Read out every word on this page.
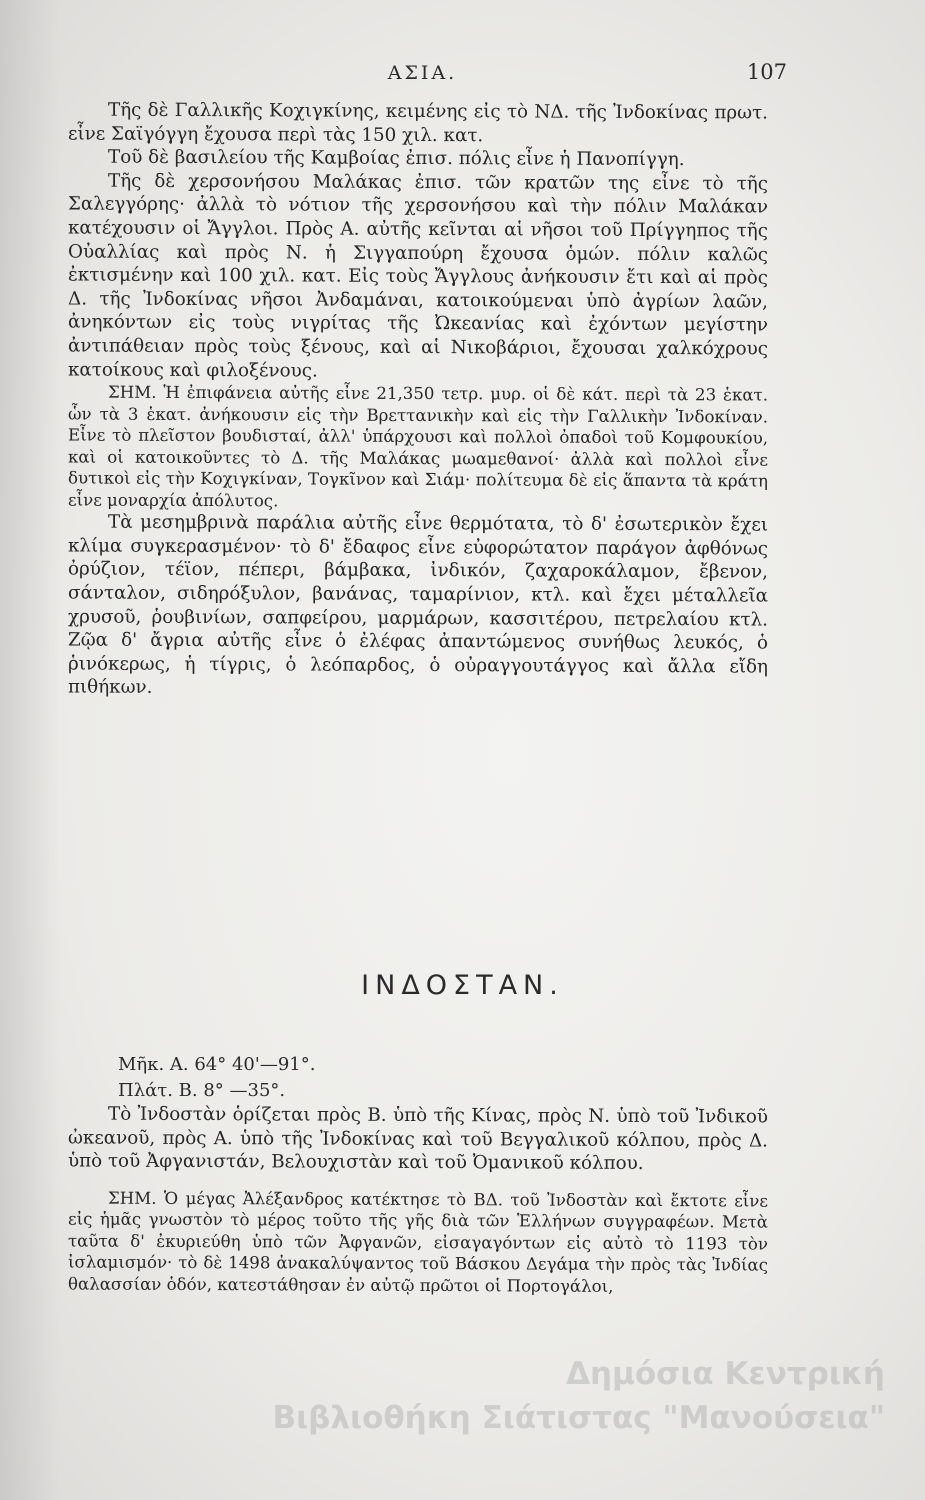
ΑΣΙΑ.	107

Τῆς δὲ Γαλλικῆς Κοχιγκίνης, κειμένης εἰς τὸ ΝΔ. τῆς Ἰνδοκίνας πρωτ. εἶνε Σαϊγόγγη ἔχουσα περὶ τὰς 150 χιλ. κατ.

Τοῦ δὲ βασιλείου τῆς Καμβοίας ἐπισ. πόλις εἶνε ἡ Πανοπίγγη.

Τῆς δὲ χερσονήσου Μαλάκας ἐπισ. τῶν κρατῶν της εἶνε τὸ τῆς Σαλεγγόρης· ἀλλὰ τὸ νότιον τῆς χερσονήσου καὶ τὴν πόλιν Μαλάκαν κατέχουσιν οἱ Ἄγγλοι. Πρὸς Α. αὐτῆς κεῖνται αἱ νῆσοι τοῦ Πρίγγηπος τῆς Οὐαλλίας καὶ πρὸς Ν. ἡ Σιγγαπούρη ἔχουσα ὁμών. πόλιν καλῶς ἐκτισμένην καὶ 100 χιλ. κατ. Εἰς τοὺς Ἄγγλους ἀνήκουσιν ἔτι καὶ αἱ πρὸς Δ. τῆς Ἰνδοκίνας νῆσοι Ἀνδαμάναι, κατοικούμεναι ὑπὸ ἀγρίων λαῶν, ἀνηκόντων εἰς τοὺς νιγρίτας τῆς Ὠκεανίας καὶ ἐχόντων μεγίστην ἀντιπάθειαν πρὸς τοὺς ξένους, καὶ αἱ Νικοβάριοι, ἔχουσαι χαλκόχρους κατοίκους καὶ φιλοξένους.

ΣΗΜ. Ἡ ἐπιφάνεια αὐτῆς εἶνε 21,350 τετρ. μυρ. οἱ δὲ κάτ. περὶ τὰ 23 ἑκατ. ὧν τὰ 3 ἑκατ. ἀνήκουσιν εἰς τὴν Βρεττανικὴν καὶ εἰς τὴν Γαλλικὴν Ἰνδοκίναν. Εἶνε τὸ πλεῖστον βουδισταί, ἀλλ' ὑπάρχουσι καὶ πολλοὶ ὀπαδοὶ τοῦ Κομφουκίου, καὶ οἱ κατοικοῦντες τὸ Δ. τῆς Μαλάκας μωαμεθανοί· ἀλλὰ καὶ πολλοὶ εἶνε δυτικοὶ εἰς τὴν Κοχιγκίναν, Τογκῖνον καὶ Σιάμ· πολίτευμα δὲ εἰς ἅπαντα τὰ κράτη εἶνε μοναρχία ἀπόλυτος.

Τὰ μεσημβρινὰ παράλια αὐτῆς εἶνε θερμότατα, τὸ δ' ἐσωτερικὸν ἔχει κλίμα συγκερασμένον· τὸ δ' ἔδαφος εἶνε εὐφορώτατον παράγον ἀφθόνως ὀρύζιον, τέϊον, πέπερι, βάμβακα, ἰνδικόν, ζαχαροκάλαμον, ἔβενον, σάνταλον, σιδηρόξυλον, βανάνας, ταμαρίνιον, κτλ. καὶ ἔχει μέταλλεῖα χρυσοῦ, ῥουβινίων, σαπφείρου, μαρμάρων, κασσιτέρου, πετρελαίου κτλ. Ζῷα δ' ἄγρια αὐτῆς εἶνε ὁ ἐλέφας ἀπαντώμενος συνήθως λευκός, ὁ ῥινόκερως, ἡ τίγρις, ὁ λεόπαρδος, ὁ οὐραγγουτάγγος καὶ ἄλλα εἴδη πιθήκων.

ΙΝΔΟΣΤΑΝ.
Μῆκ. Α. 64° 40'—91°.
Πλάτ. Β. 8° —35°.

Τὸ Ἰνδοστὰν ὁρίζεται πρὸς Β. ὑπὸ τῆς Κίνας, πρὸς Ν. ὑπὸ τοῦ Ἰνδικοῦ ὠκεανοῦ, πρὸς Α. ὑπὸ τῆς Ἰνδοκίνας καὶ τοῦ Βεγγαλικοῦ κόλπου, πρὸς Δ. ὑπὸ τοῦ Ἀφγανιστάν, Βελουχιστὰν καὶ τοῦ Ὀμανικοῦ κόλπου.

ΣΗΜ. Ὁ μέγας Ἀλέξανδρος κατέκτησε τὸ ΒΔ. τοῦ Ἰνδοστὰν καὶ ἔκτοτε εἶνε εἰς ἡμᾶς γνωστὸν τὸ μέρος τοῦτο τῆς γῆς διὰ τῶν Ἑλλήνων συγγραφέων. Μετὰ ταῦτα δ' ἐκυριεύθη ὑπὸ τῶν Ἀφγανῶν, εἰσαγαγόντων εἰς αὐτὸ τὸ 1193 τὸν ἰσλαμισμόν· τὸ δὲ 1498 ἀνακαλύψαντος τοῦ Βάσκου Δεγάμα τὴν πρὸς τὰς Ἰνδίας θαλασσίαν ὁδόν, κατεστάθησαν ἐν αὐτῷ πρῶτοι οἱ Πορτογάλοι,

Δημόσια Κεντρική
Βιβλιοθήκη Σιάτιστας "Μανούσεια"
